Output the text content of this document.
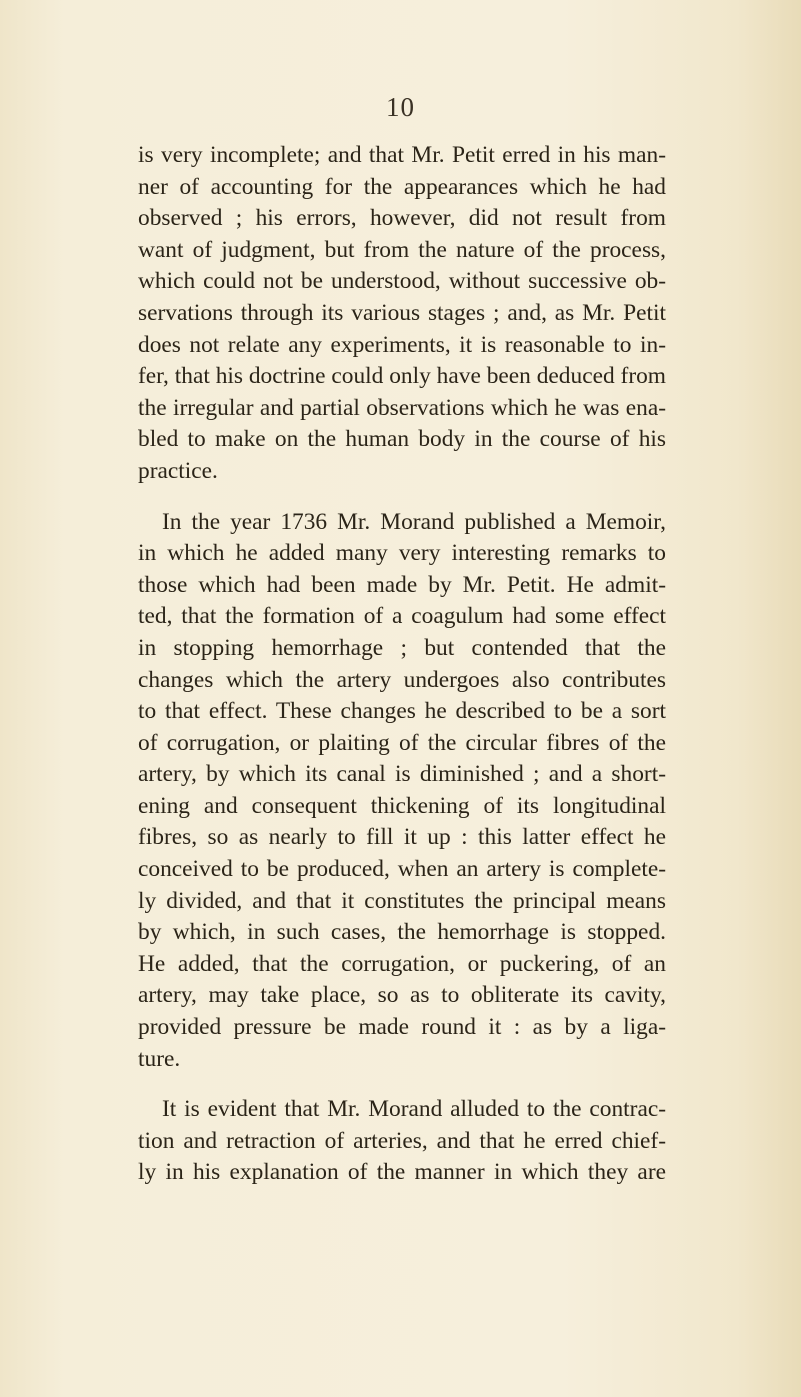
10
is very incomplete; and that Mr. Petit erred in his man-
ner of accounting for the appearances which he had
observed ; his errors, however, did not result from
want of judgment, but from the nature of the process,
which could not be understood, without successive ob-
servations through its various stages ; and, as Mr. Petit
does not relate any experiments, it is reasonable to in-
fer, that his doctrine could only have been deduced from
the irregular and partial observations which he was ena-
bled to make on the human body in the course of his
practice.
In the year 1736 Mr. Morand published a Memoir,
in which he added many very interesting remarks to
those which had been made by Mr. Petit. He admit-
ted, that the formation of a coagulum had some effect
in stopping hemorrhage ; but contended that the
changes which the artery undergoes also contributes
to that effect. These changes he described to be a sort
of corrugation, or plaiting of the circular fibres of the
artery, by which its canal is diminished ; and a short-
ening and consequent thickening of its longitudinal
fibres, so as nearly to fill it up : this latter effect he
conceived to be produced, when an artery is complete-
ly divided, and that it constitutes the principal means
by which, in such cases, the hemorrhage is stopped.
He added, that the corrugation, or puckering, of an
artery, may take place, so as to obliterate its cavity,
provided pressure be made round it : as by a liga-
ture.
It is evident that Mr. Morand alluded to the contrac-
tion and retraction of arteries, and that he erred chief-
ly in his explanation of the manner in which they are
